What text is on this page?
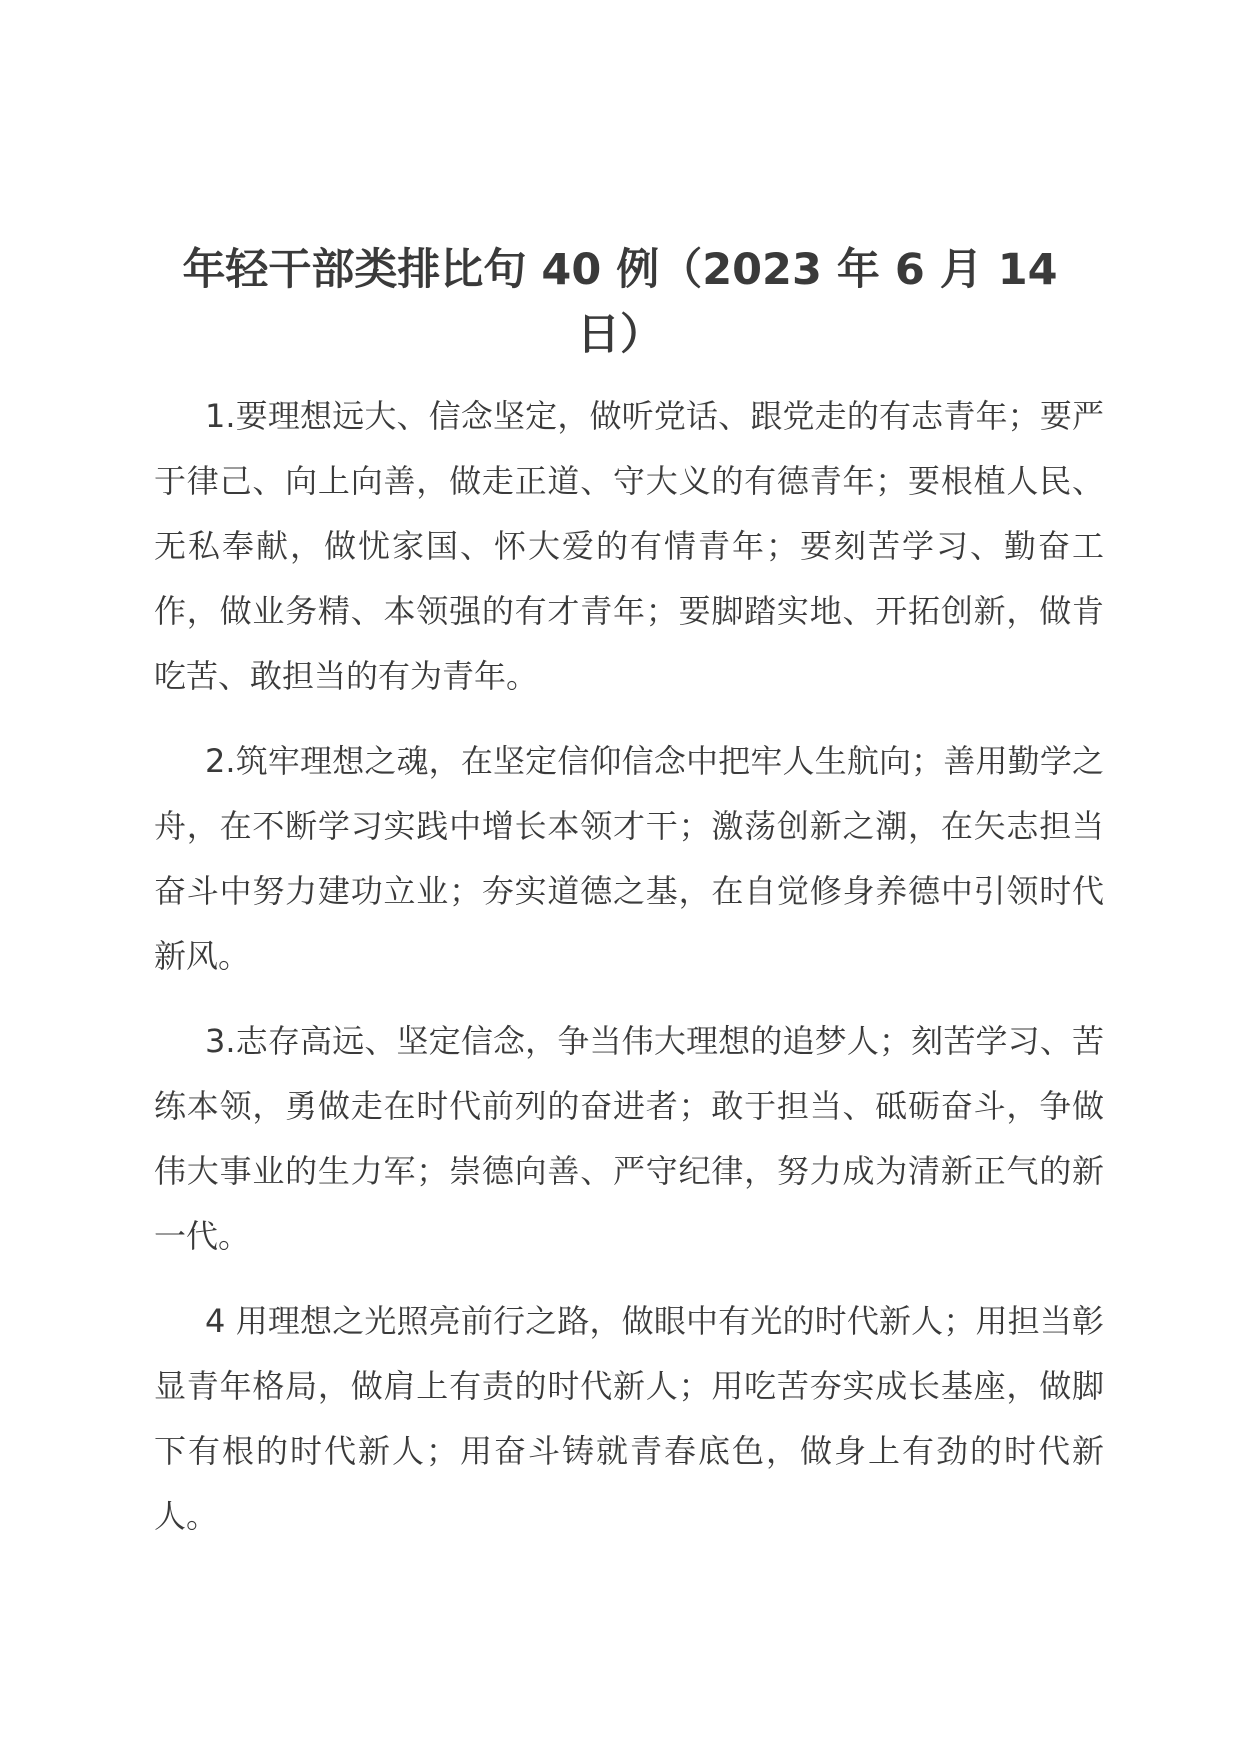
年轻干部类排比句 40 例（2023 年 6 月 14 日）

1.要理想远大、信念坚定，做听党话、跟党走的有志青年；要严于律己、向上向善，做走正道、守大义的有德青年；要根植人民、无私奉献，做忧家国、怀大爱的有情青年；要刻苦学习、勤奋工作，做业务精、本领强的有才青年；要脚踏实地、开拓创新，做肯吃苦、敢担当的有为青年。

2.筑牢理想之魂，在坚定信仰信念中把牢人生航向；善用勤学之舟，在不断学习实践中增长本领才干；激荡创新之潮，在矢志担当奋斗中努力建功立业；夯实道德之基，在自觉修身养德中引领时代新风。

3.志存高远、坚定信念，争当伟大理想的追梦人；刻苦学习、苦练本领，勇做走在时代前列的奋进者；敢于担当、砥砺奋斗，争做伟大事业的生力军；崇德向善、严守纪律，努力成为清新正气的新一代。

4 用理想之光照亮前行之路，做眼中有光的时代新人；用担当彰显青年格局，做肩上有责的时代新人；用吃苦夯实成长基座，做脚下有根的时代新人；用奋斗铸就青春底色，做身上有劲的时代新人。
